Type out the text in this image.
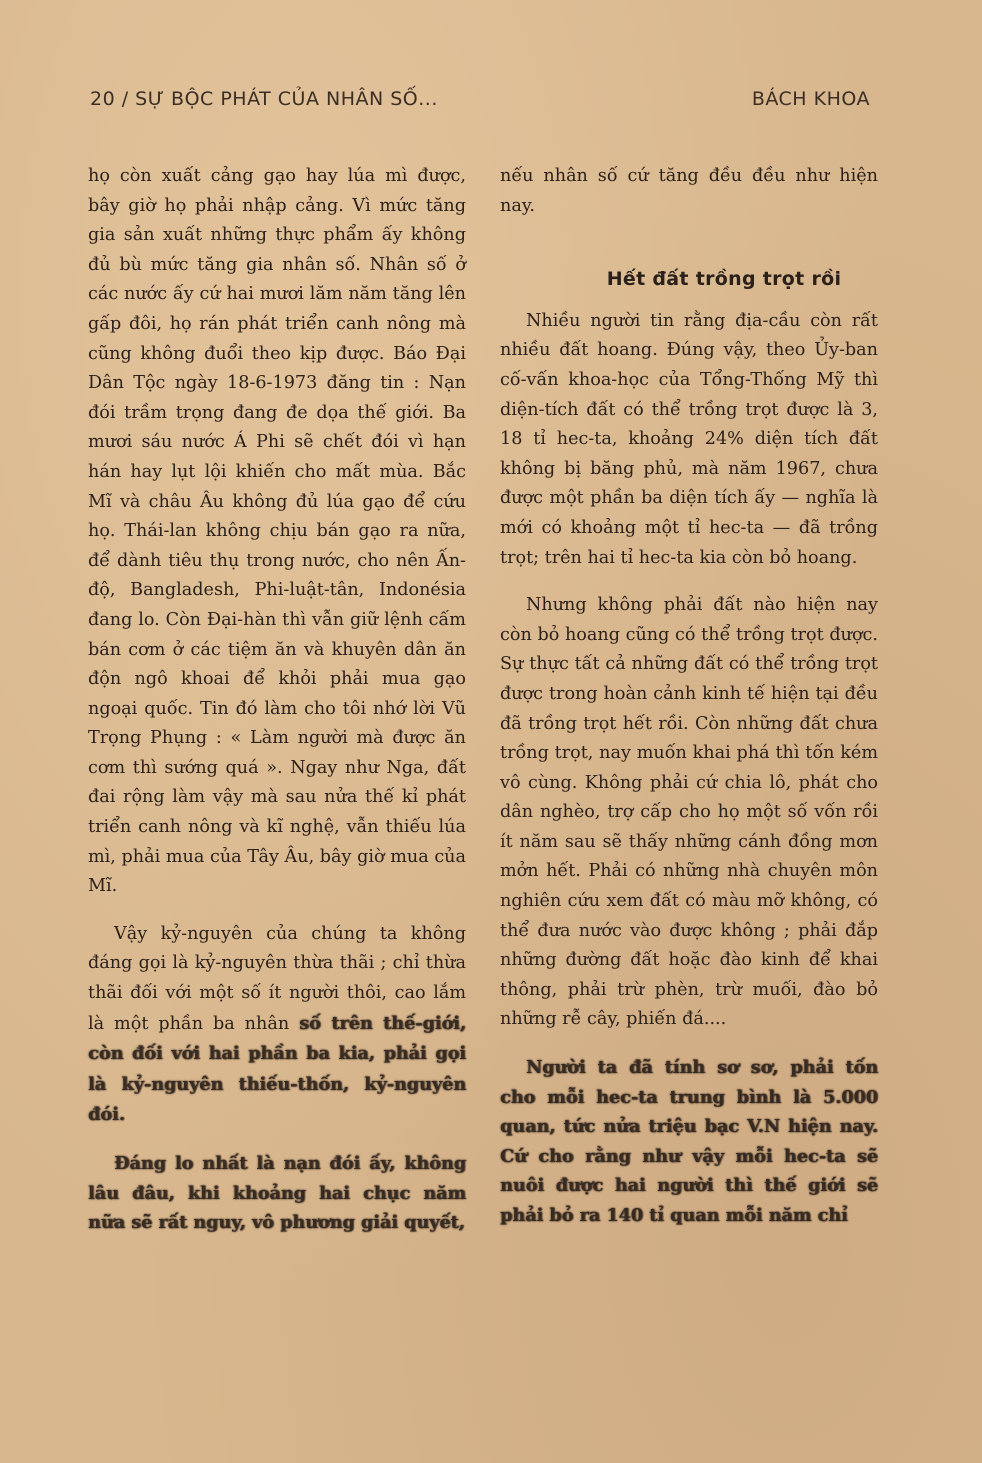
20 / SỰ BỘC PHÁT CỦA NHÂN SỐ...	BÁCH KHOA

họ còn xuất cảng gạo hay lúa mì được, bây giờ họ phải nhập cảng. Vì mức tăng gia sản xuất những thực phẩm ấy không đủ bù mức tăng gia nhân số. Nhân số ở các nước ấy cứ hai mươi lăm năm tăng lên gấp đôi, họ rán phát triển canh nông mà cũng không đuổi theo kịp được. Báo Đại Dân Tộc ngày 18-6-1973 đăng tin : Nạn đói trầm trọng đang đe dọa thế giới. Ba mươi sáu nước Á Phi sẽ chết đói vì hạn hán hay lụt lội khiến cho mất mùa. Bắc Mĩ và châu Âu không đủ lúa gạo để cứu họ. Thái-lan không chịu bán gạo ra nữa, để dành tiêu thụ trong nước, cho nên Ấn-độ, Bangladesh, Phi-luật-tân, Indonésia đang lo. Còn Đại-hàn thì vẫn giữ lệnh cấm bán cơm ở các tiệm ăn và khuyên dân ăn độn ngô khoai để khỏi phải mua gạo ngoại quốc. Tin đó làm cho tôi nhớ lời Vũ Trọng Phụng : « Làm người mà được ăn cơm thì sướng quá ». Ngay như Nga, đất đai rộng làm vậy mà sau nửa thế kỉ phát triển canh nông và kĩ nghệ, vẫn thiếu lúa mì, phải mua của Tây Âu, bây giờ mua của Mĩ.

Vậy kỷ-nguyên của chúng ta không đáng gọi là kỷ-nguyên thừa thãi ; chỉ thừa thãi đối với một số ít người thôi, cao lắm là một phần ba nhân số trên thế-giới, còn đối với hai phần ba kia, phải gọi là kỷ-nguyên thiếu-thốn, kỷ-nguyên đói.

Đáng lo nhất là nạn đói ấy, không lâu đâu, khi khoảng hai chục năm nữa sẽ rất nguy, vô phương giải quyết,

nếu nhân số cứ tăng đều đều như hiện nay.

Hết đất trồng trọt rồi

Nhiều người tin rằng địa-cầu còn rất nhiều đất hoang. Đúng vậy, theo Ủy-ban cố-vấn khoa-học của Tổng-Thống Mỹ thì diện-tích đất có thể trồng trọt được là 3, 18 tỉ hec-ta, khoảng 24% diện tích đất không bị băng phủ, mà năm 1967, chưa được một phần ba diện tích ấy — nghĩa là mới có khoảng một tỉ hec-ta — đã trồng trọt; trên hai tỉ hec-ta kia còn bỏ hoang.

Nhưng không phải đất nào hiện nay còn bỏ hoang cũng có thể trồng trọt được. Sự thực tất cả những đất có thể trồng trọt được trong hoàn cảnh kinh tế hiện tại đều đã trồng trọt hết rồi. Còn những đất chưa trồng trọt, nay muốn khai phá thì tốn kém vô cùng. Không phải cứ chia lô, phát cho dân nghèo, trợ cấp cho họ một số vốn rồi ít năm sau sẽ thấy những cánh đồng mơn mởn hết. Phải có những nhà chuyên môn nghiên cứu xem đất có màu mỡ không, có thể đưa nước vào được không ; phải đắp những đường đất hoặc đào kinh để khai thông, phải trừ phèn, trừ muối, đào bỏ những rễ cây, phiến đá....

Người ta đã tính sơ sơ, phải tốn cho mỗi hec-ta trung bình là 5.000 quan, tức nửa triệu bạc V.N hiện nay. Cứ cho rằng như vậy mỗi hec-ta sẽ nuôi được hai người thì thế giới sẽ phải bỏ ra 140 tỉ quan mỗi năm chỉ
